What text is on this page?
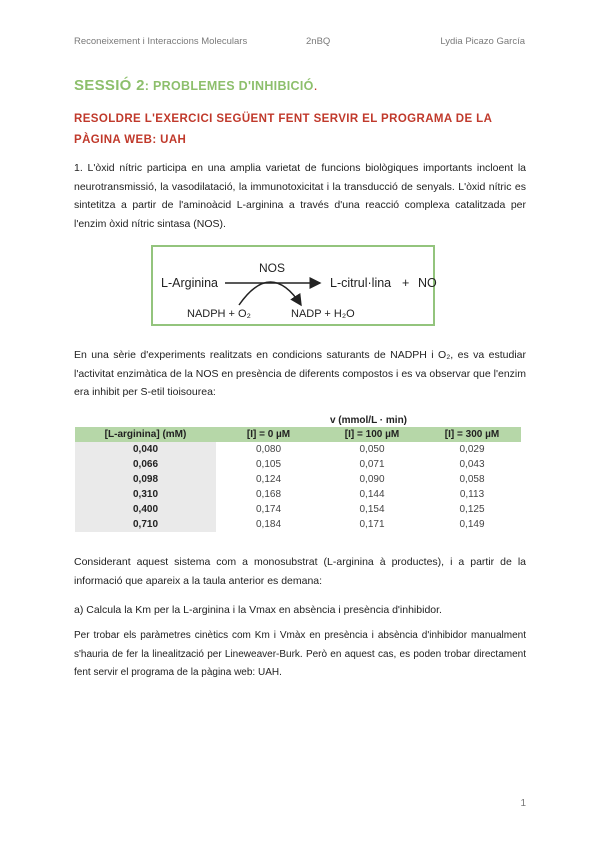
Reconeixement i Interaccions Moleculars	2nBQ	Lydia Picazo García
SESSIÓ 2: PROBLEMES D'INHIBICIÓ.
RESOLDRE L'EXERCICI SEGÜENT FENT SERVIR EL PROGRAMA DE LA PÀGINA WEB: UAH
1. L'òxid nítric participa en una amplia varietat de funcions biològiques importants incloent la neurotransmissió, la vasodilatació, la immunotoxicitat i la transducció de senyals. L'òxid nítric es sintetitza a partir de l'aminoàcid L-arginina a través d'una reacció complexa catalitzada per l'enzim òxid nítric sintasa (NOS).
L-Arginina
NOS
L-citrul·lina + NO
NADPH + O₂	NADP + H₂O
En una sèrie d'experiments realitzats en condicions saturants de NADPH i O₂, es va estudiar l'activitat enzimàtica de la NOS en presència de diferents compostos i es va observar que l'enzim era inhibit per S-etil tioisourea:
	v (mmol/L · min)		
[L-arginina] (mM)	[I] = 0 µM	[I] = 100 µM	[I] = 300 µM
0,040	0,080	0,050	0,029
0,066	0,105	0,071	0,043
0,098	0,124	0,090	0,058
0,310	0,168	0,144	0,113
0,400	0,174	0,154	0,125
0,710	0,184	0,171	0,149
Considerant aquest sistema com a monosubstrat (L-arginina à productes), i a partir de la informació que apareix a la taula anterior es demana:
a) Calcula la Km per la L-arginina i la Vmax en absència i presència d'inhibidor.
Per trobar els paràmetres cinètics com Km i Vmàx en presència i absència d'inhibidor manualment s'hauria de fer la linealització per Lineweaver-Burk. Però en aquest cas, es poden trobar directament fent servir el programa de la pàgina web: UAH.
1
